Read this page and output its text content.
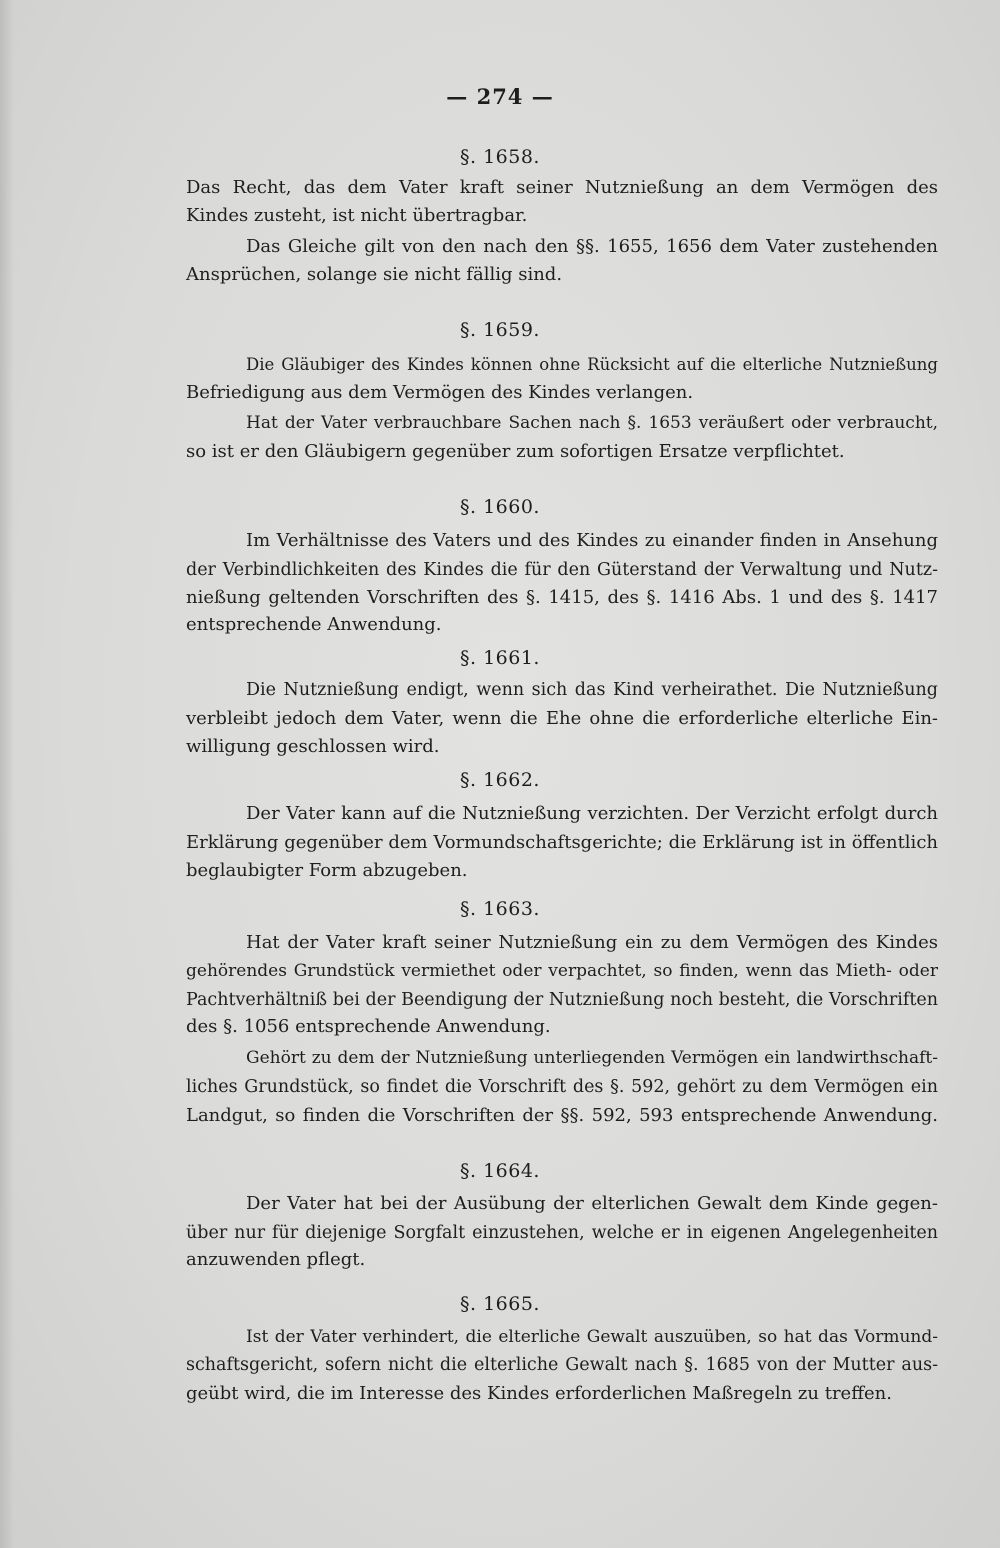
— 274 —
§. 1658.
Das Recht, das dem Vater kraft seiner Nutznießung an dem Vermögen des
Kindes zusteht, ist nicht übertragbar.
Das Gleiche gilt von den nach den §§. 1655, 1656 dem Vater zustehenden
Ansprüchen, solange sie nicht fällig sind.
§. 1659.
Die Gläubiger des Kindes können ohne Rücksicht auf die elterliche Nutznießung
Befriedigung aus dem Vermögen des Kindes verlangen.
Hat der Vater verbrauchbare Sachen nach §. 1653 veräußert oder verbraucht,
so ist er den Gläubigern gegenüber zum sofortigen Ersatze verpflichtet.
§. 1660.
Im Verhältnisse des Vaters und des Kindes zu einander finden in Ansehung
der Verbindlichkeiten des Kindes die für den Güterstand der Verwaltung und Nutz-
nießung geltenden Vorschriften des §. 1415, des §. 1416 Abs. 1 und des §. 1417
entsprechende Anwendung.
§. 1661.
Die Nutznießung endigt, wenn sich das Kind verheirathet. Die Nutznießung
verbleibt jedoch dem Vater, wenn die Ehe ohne die erforderliche elterliche Ein-
willigung geschlossen wird.
§. 1662.
Der Vater kann auf die Nutznießung verzichten. Der Verzicht erfolgt durch
Erklärung gegenüber dem Vormundschaftsgerichte; die Erklärung ist in öffentlich
beglaubigter Form abzugeben.
§. 1663.
Hat der Vater kraft seiner Nutznießung ein zu dem Vermögen des Kindes
gehörendes Grundstück vermiethet oder verpachtet, so finden, wenn das Mieth- oder
Pachtverhältniß bei der Beendigung der Nutznießung noch besteht, die Vorschriften
des §. 1056 entsprechende Anwendung.
Gehört zu dem der Nutznießung unterliegenden Vermögen ein landwirthschaft-
liches Grundstück, so findet die Vorschrift des §. 592, gehört zu dem Vermögen ein
Landgut, so finden die Vorschriften der §§. 592, 593 entsprechende Anwendung.
§. 1664.
Der Vater hat bei der Ausübung der elterlichen Gewalt dem Kinde gegen-
über nur für diejenige Sorgfalt einzustehen, welche er in eigenen Angelegenheiten
anzuwenden pflegt.
§. 1665.
Ist der Vater verhindert, die elterliche Gewalt auszuüben, so hat das Vormund-
schaftsgericht, sofern nicht die elterliche Gewalt nach §. 1685 von der Mutter aus-
geübt wird, die im Interesse des Kindes erforderlichen Maßregeln zu treffen.
